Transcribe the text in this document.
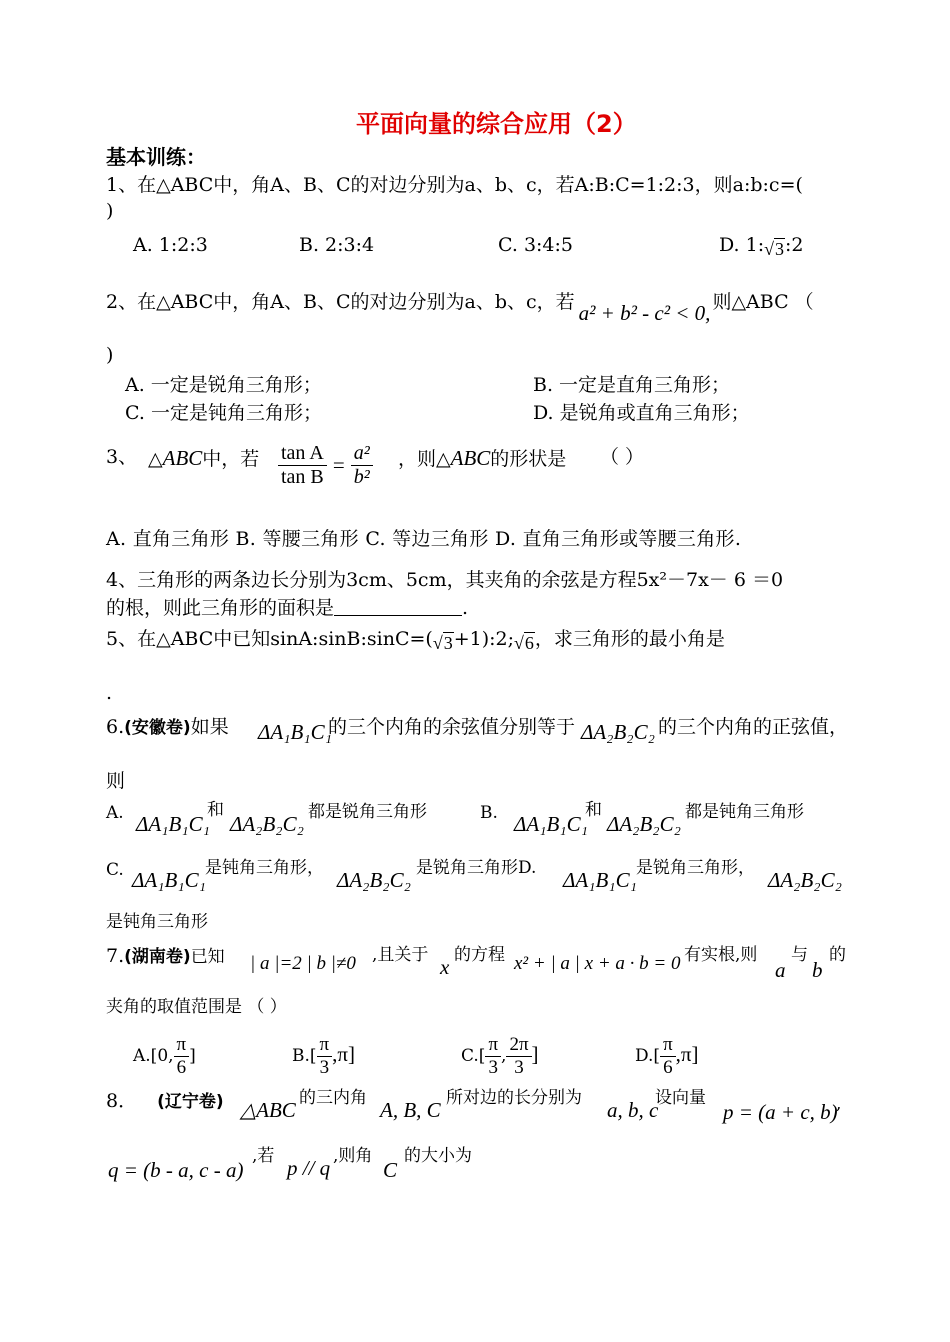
平面向量的综合应用（2）
基本训练：
1、在△ABC中，角A、B、C的对边分别为a、b、c，若A:B:C=1:2:3，则a:b:c=(
)
A. 1:2:3	B. 2:3:4	C. 3:4:5	D. 1:√3:2
2、在△ABC中，角A、B、C的对边分别为a、b、c，若 a² + b² - c² < 0, 则△ABC （
)
A. 一定是锐角三角形；	B. 一定是直角三角形；
C. 一定是钝角三角形；	D. 是锐角或直角三角形；
3、 △ABC中，若 $\frac{\text{tan A}}{\text{tan B}} = \frac{\text{a²}}{\text{b²}}$ ，则△ABC的形状是 （ ）
A. 直角三角形 B. 等腰三角形 C. 等边三角形 D. 直角三角形或等腰三角形.
4、三角形的两条边长分别为3cm、5cm，其夹角的余弦是方程5x²－7x－ 6 ＝0
的根，则此三角形的面积是	.
5、在△ABC中已知sinA:sinB:sinC=(√3+1):2;√6，求三角形的最小角是
.
6.(安徽卷)如果 ΔA₁B₁C₁
的三个内角的余弦值分别等于 ΔA₂B₂C₂ 的三个内角的正弦值，
则
A. ΔA₁B₁C₁
和
ΔA₂B₂C₂ 都是锐角三角形	B. ΔA₁B₁C₁
和
ΔA₂B₂C₂ 都是钝角三角形
C. ΔA₁B₁C₁ 是钝角三角形， ΔA₂B₂C₂ 是锐角三角形D. ΔA₁B₁C₁ 是锐角三角形， ΔA₂B₂C₂
是钝角三角形
7.(湖南卷)已知 | a |=2 | b |≠0 ,且关于 x 的方程 x² + | a | x + a · b = 0 有实根,则
a
与
b
的
夹角的取值范围是 （ ）
A.[0, $\frac{\pi}{6}$ ]	$B.[ \frac{\pi}{3} ,\pi]$	$C.[ \frac{\pi}{3}$ , $\frac{2\pi}{3}$ ]	$D.[ \frac{\pi}{6} ,\pi]$
8． (辽宁卷) △ABC 的三内角 A, B, C 所对边的长分别为 a, b, c
设向量
p = (a + c, b)
,
q = (b - a, c - a)
,若 p // q ,则角
C
的大小为
